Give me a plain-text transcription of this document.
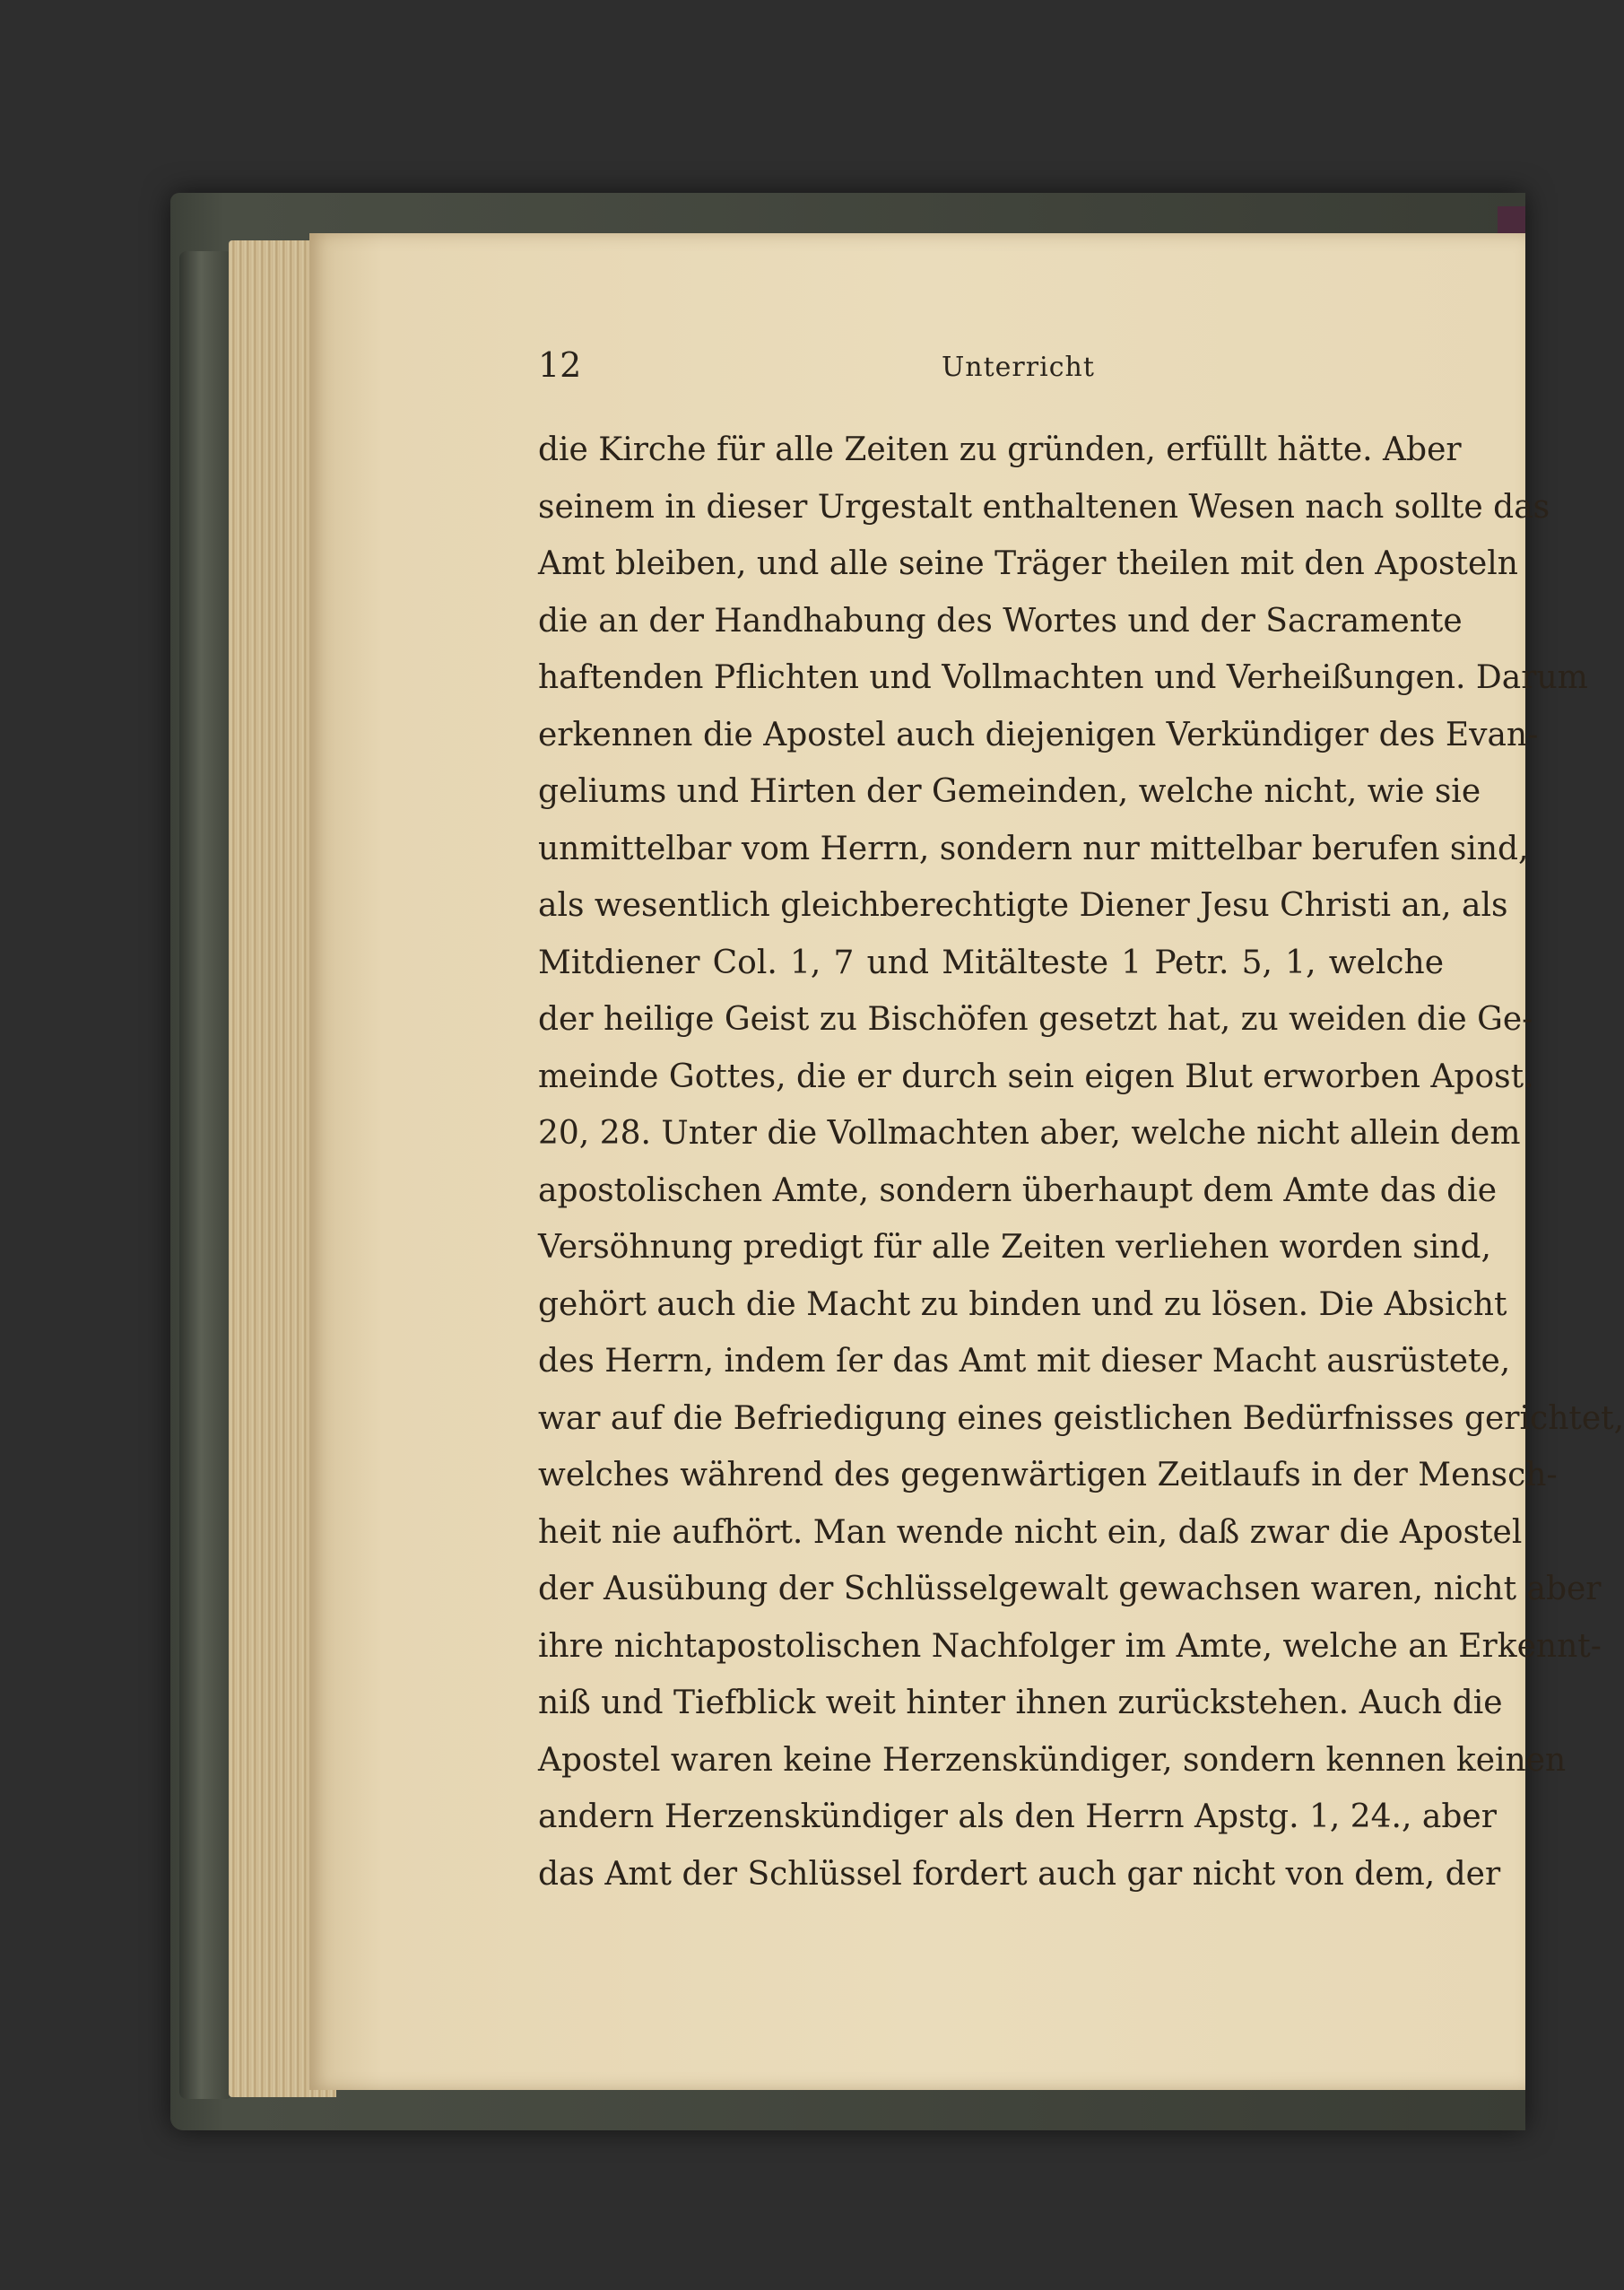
12	Unterricht
die Kirche für alle Zeiten zu gründen, erfüllt hätte. Aber
seinem in dieser Urgestalt enthaltenen Wesen nach sollte das
Amt bleiben, und alle seine Träger theilen mit den Aposteln
die an der Handhabung des Wortes und der Sacramente
haftenden Pflichten und Vollmachten und Verheißungen. Darum
erkennen die Apostel auch diejenigen Verkündiger des Evan-
geliums und Hirten der Gemeinden, welche nicht, wie sie
unmittelbar vom Herrn, sondern nur mittelbar berufen sind,
als wesentlich gleichberechtigte Diener Jesu Christi an, als
Mitdiener Col. 1, 7 und Mitälteste 1 Petr. 5, 1, welche
der heilige Geist zu Bischöfen gesetzt hat, zu weiden die Ge-
meinde Gottes, die er durch sein eigen Blut erworben Apost.
20, 28. Unter die Vollmachten aber, welche nicht allein dem
apostolischen Amte, sondern überhaupt dem Amte das die
Versöhnung predigt für alle Zeiten verliehen worden sind,
gehört auch die Macht zu binden und zu lösen. Die Absicht
des Herrn, indem ſer das Amt mit dieser Macht ausrüstete,
war auf die Befriedigung eines geistlichen Bedürfnisses gerichtet,
welches während des gegenwärtigen Zeitlaufs in der Mensch-
heit nie aufhört. Man wende nicht ein, daß zwar die Apostel
der Ausübung der Schlüsselgewalt gewachsen waren, nicht aber
ihre nichtapostolischen Nachfolger im Amte, welche an Erkennt-
niß und Tiefblick weit hinter ihnen zurückstehen. Auch die
Apostel waren keine Herzenskündiger, sondern kennen keinen
andern Herzenskündiger als den Herrn Apstg. 1, 24., aber
das Amt der Schlüssel fordert auch gar nicht von dem, der
